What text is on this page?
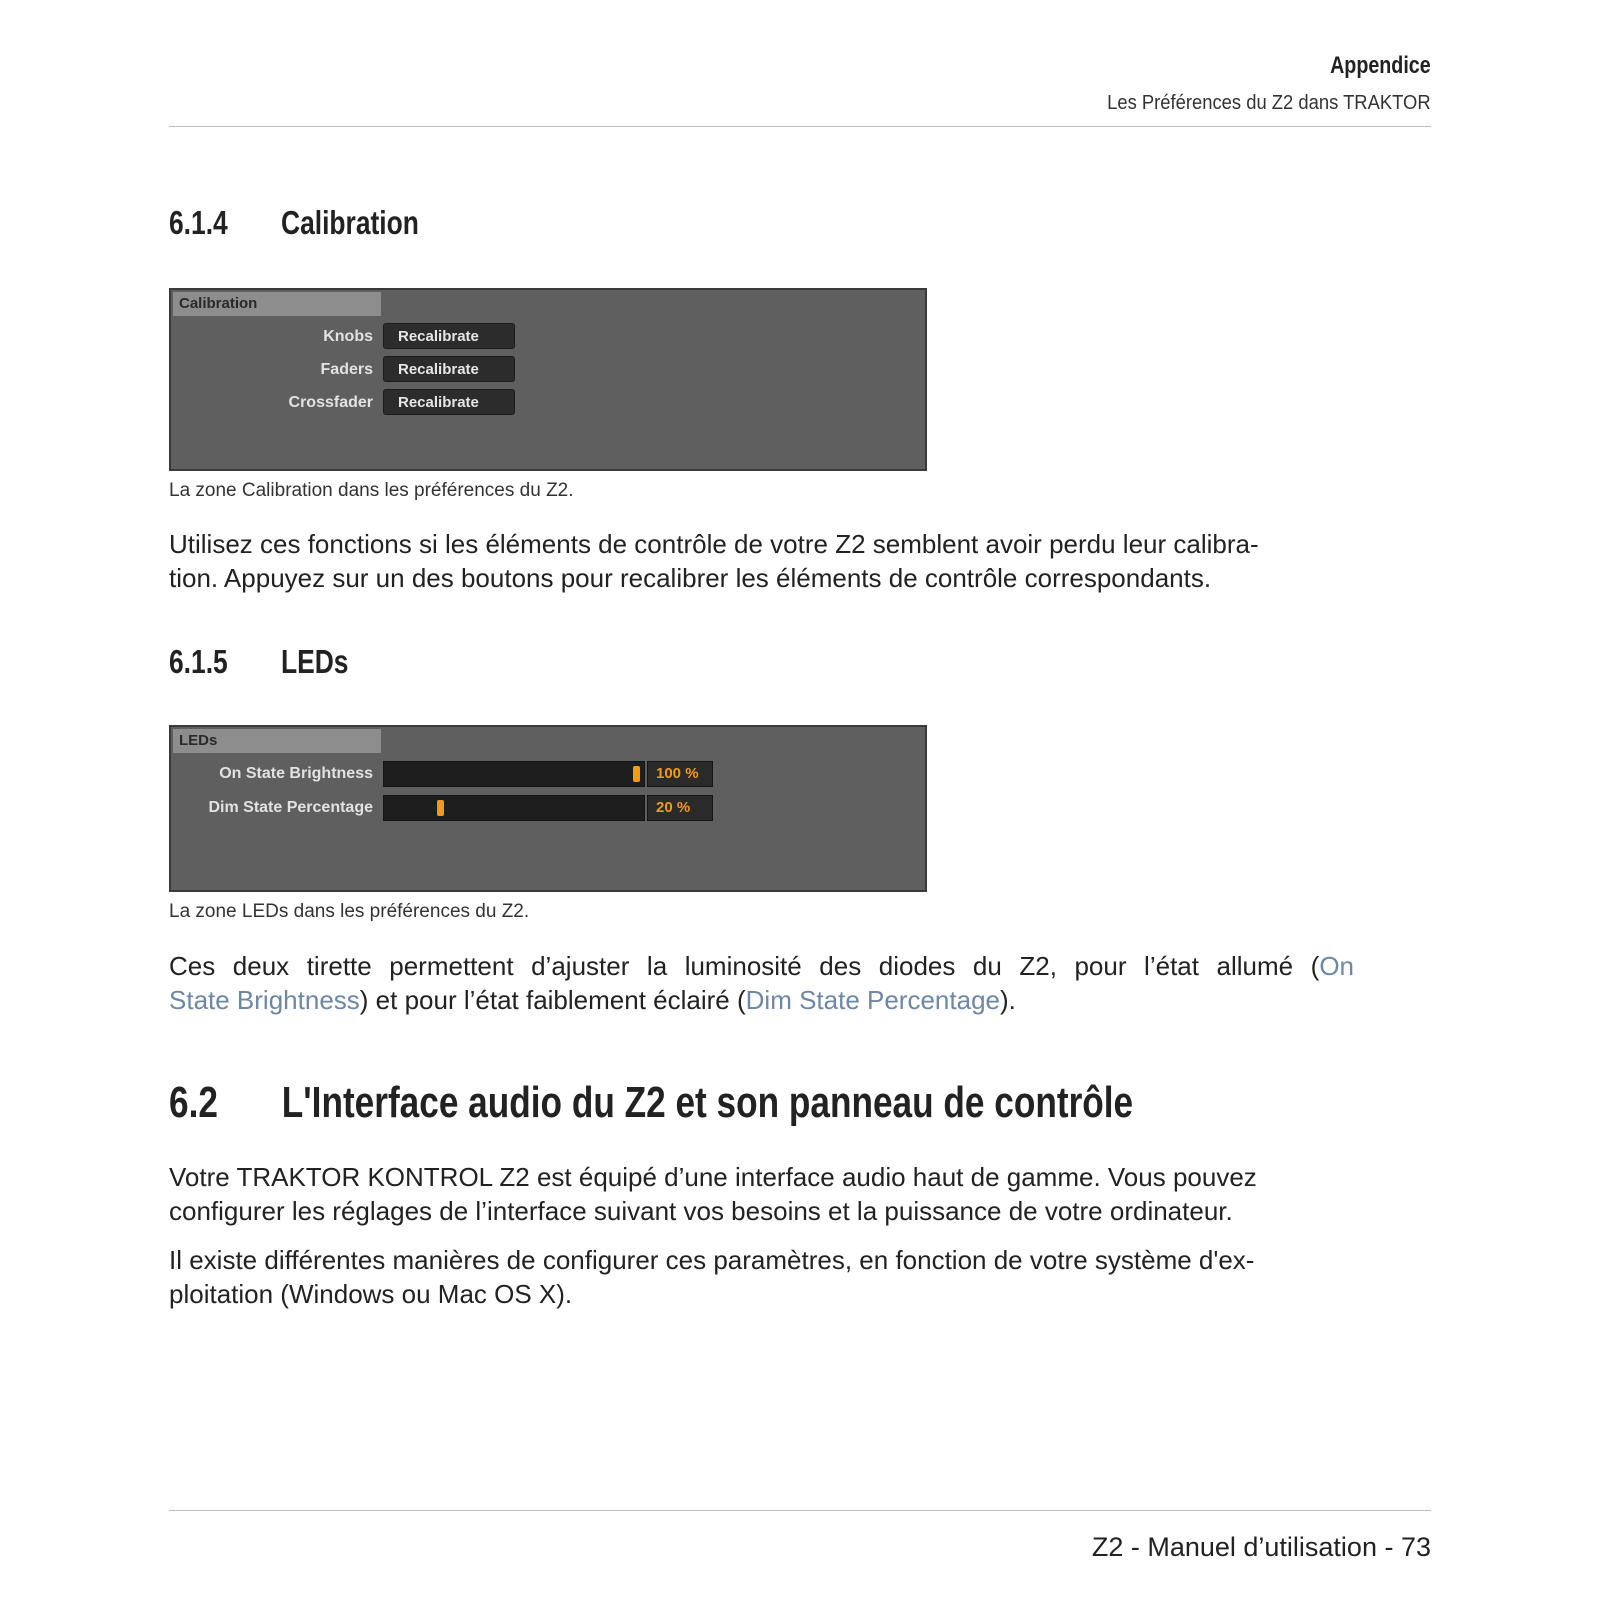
Appendice
Les Préférences du Z2 dans TRAKTOR
6.1.4 Calibration
Calibration
Knobs	Recalibrate
Faders	Recalibrate
Crossfader	Recalibrate
La zone Calibration dans les préférences du Z2.

Utilisez ces fonctions si les éléments de contrôle de votre Z2 semblent avoir perdu leur calibra-

tion. Appuyez sur un des boutons pour recalibrer les éléments de contrôle correspondants.

6.1.5 LEDs
LEDs
On State Brightness	100 %
Dim State Percentage	20 %
La zone LEDs dans les préférences du Z2.

Ces deux tirette permettent d’ajuster la luminosité des diodes du Z2, pour l’état allumé (On

State Brightness) et pour l’état faiblement éclairé (Dim State Percentage).

6.2 L'Interface audio du Z2 et son panneau de contrôle

Votre TRAKTOR KONTROL Z2 est équipé d’une interface audio haut de gamme. Vous pouvez

configurer les réglages de l’interface suivant vos besoins et la puissance de votre ordinateur.

Il existe différentes manières de configurer ces paramètres, en fonction de votre système d'ex-

ploitation (Windows ou Mac OS X).

Z2 - Manuel d’utilisation - 73
